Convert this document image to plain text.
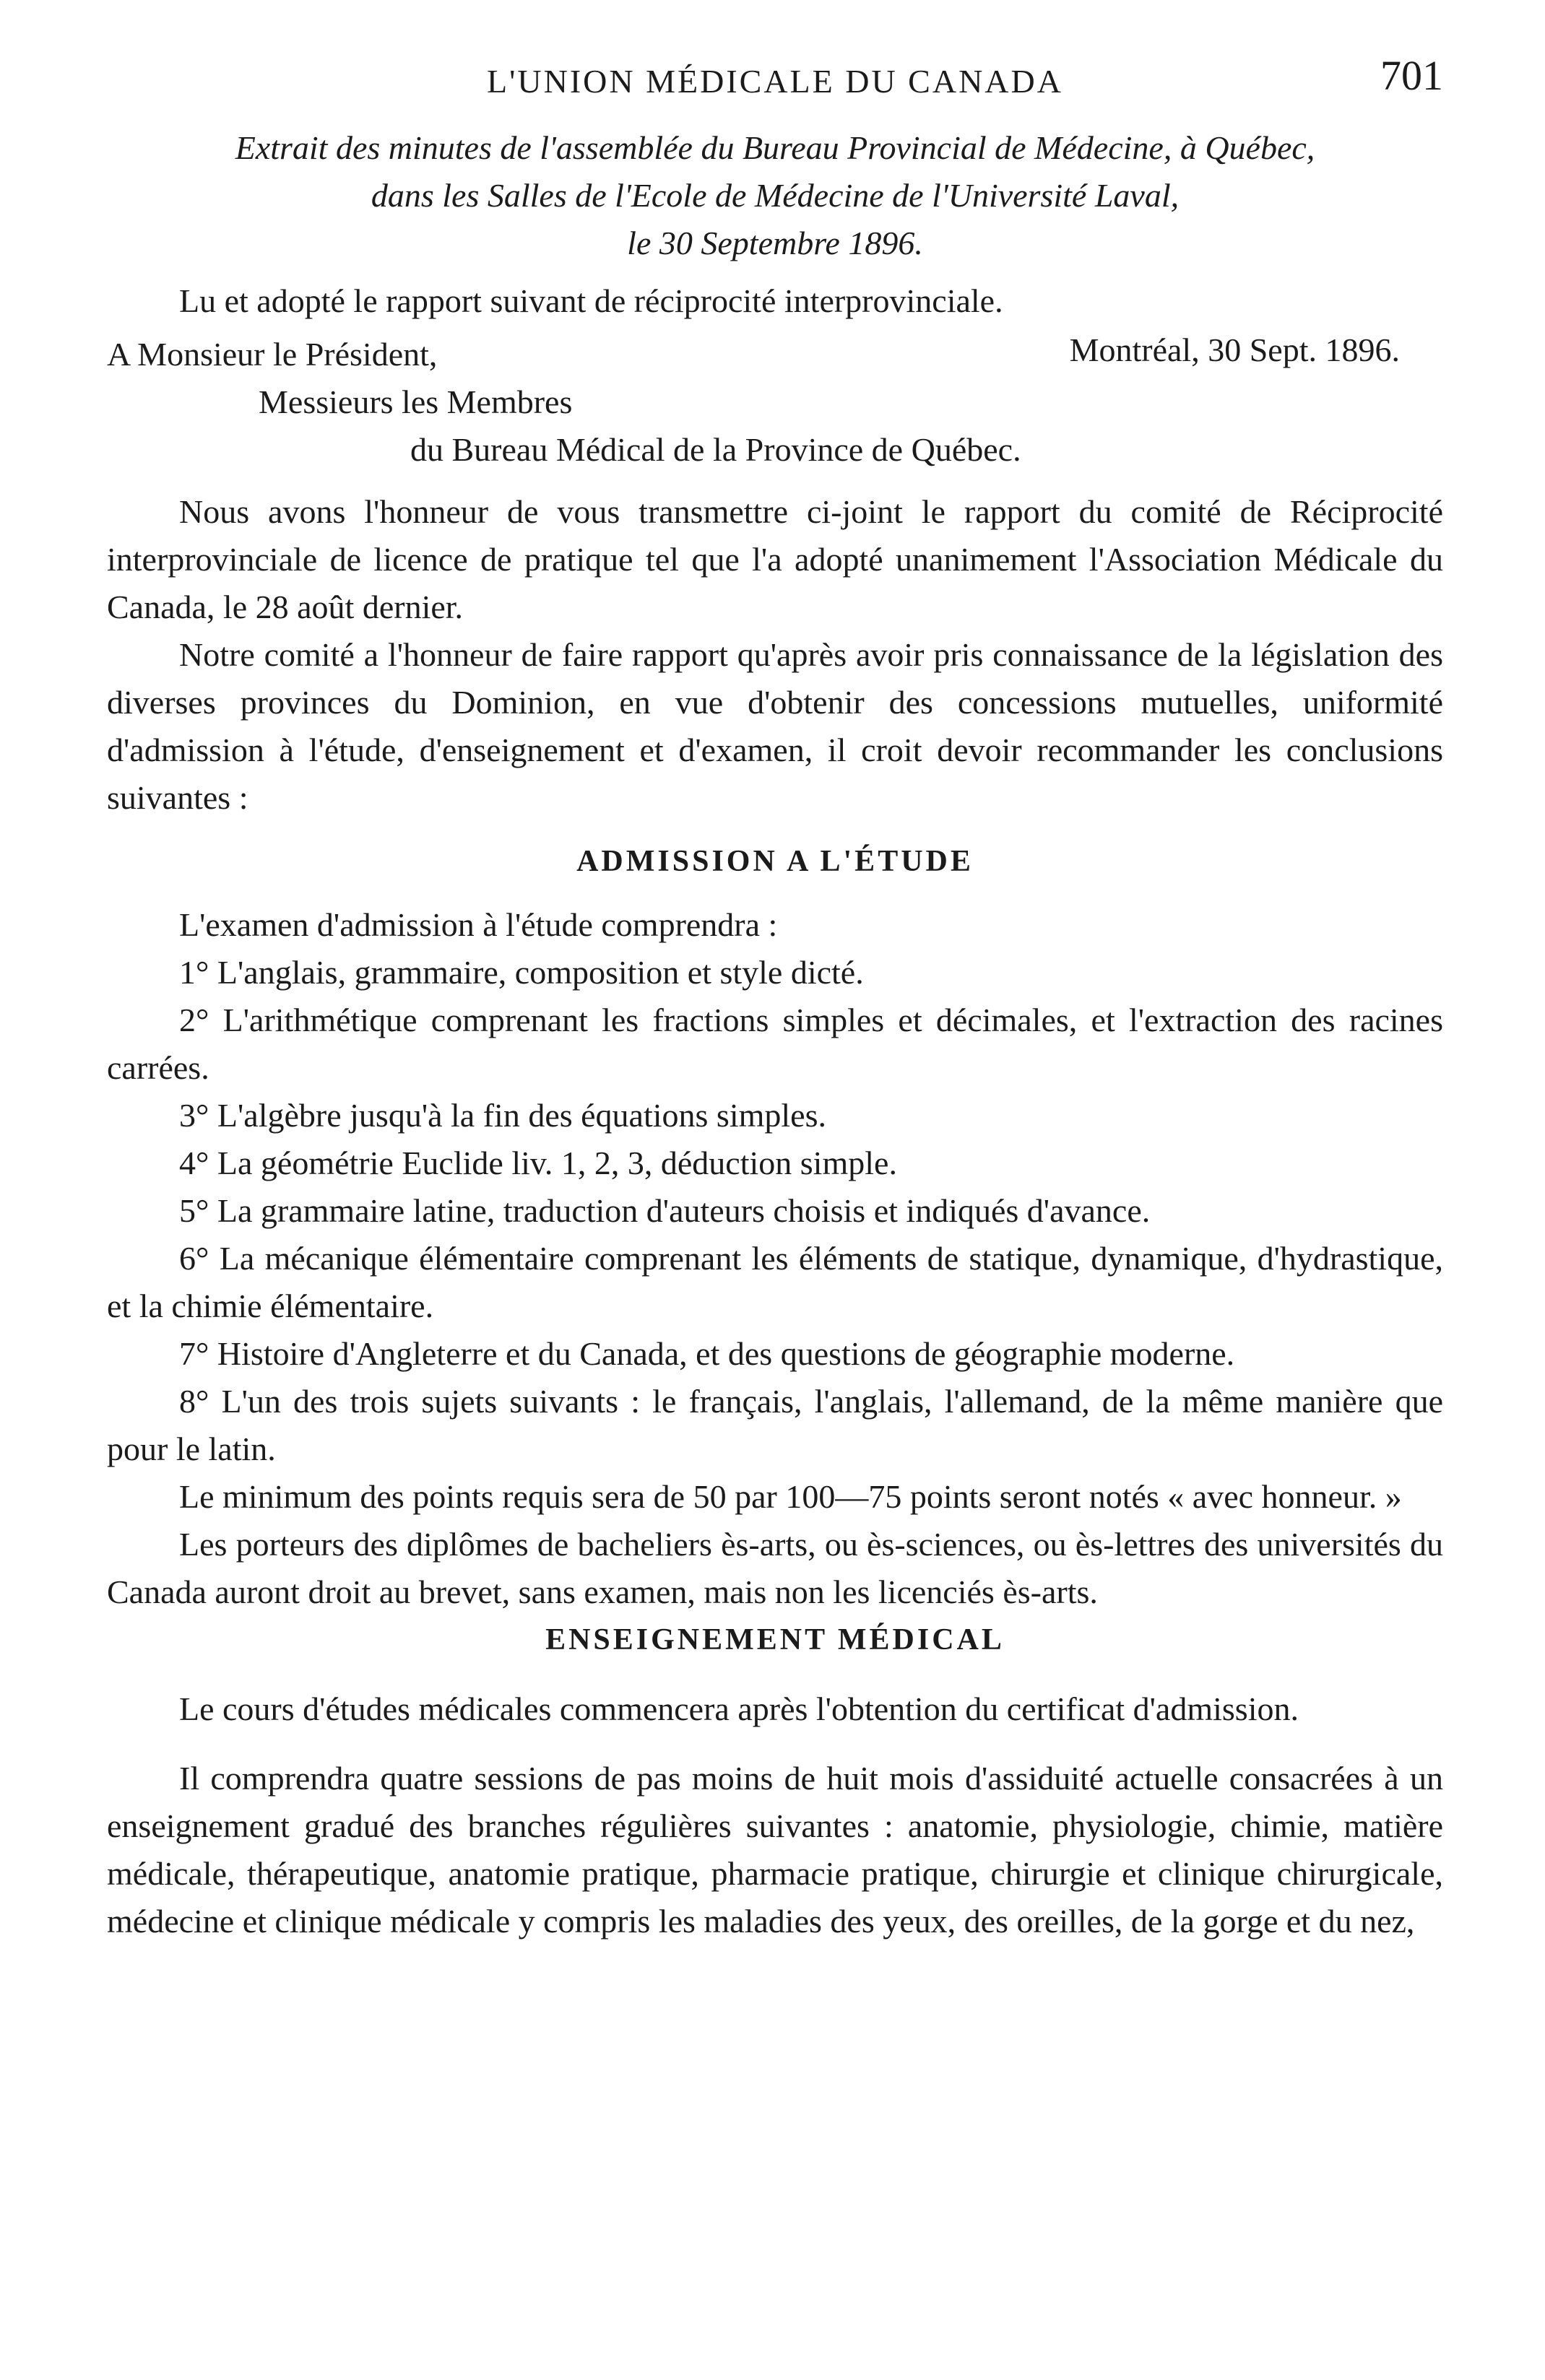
L'UNION MÉDICALE DU CANADA	701
Extrait des minutes de l'assemblée du Bureau Provincial de Médecine, à Québec,
dans les Salles de l'Ecole de Médecine de l'Université Laval,
le 30 Septembre 1896.

Lu et adopté le rapport suivant de réciprocité interprovinciale.

Montréal, 30 Sept. 1896.

A Monsieur le Président,

Messieurs les Membres

du Bureau Médical de la Province de Québec.

Nous avons l'honneur de vous transmettre ci-joint le rapport du comité de Réciprocité interprovinciale de licence de pratique tel que l'a adopté unanimement l'Association Médicale du Canada, le 28 août dernier.

Notre comité a l'honneur de faire rapport qu'après avoir pris connaissance de la législation des diverses provinces du Dominion, en vue d'obtenir des concessions mutuelles, uniformité d'admission à l'étude, d'enseignement et d'examen, il croit devoir recommander les conclusions suivantes :

ADMISSION A L'ÉTUDE

L'examen d'admission à l'étude comprendra :

1° L'anglais, grammaire, composition et style dicté.

2° L'arithmétique comprenant les fractions simples et décimales, et l'extraction des racines carrées.

3° L'algèbre jusqu'à la fin des équations simples.

4° La géométrie Euclide liv. 1, 2, 3, déduction simple.

5° La grammaire latine, traduction d'auteurs choisis et indiqués d'avance.

6° La mécanique élémentaire comprenant les éléments de statique, dynamique, d'hydrastique, et la chimie élémentaire.

7° Histoire d'Angleterre et du Canada, et des questions de géographie moderne.

8° L'un des trois sujets suivants : le français, l'anglais, l'allemand, de la même manière que pour le latin.

Le minimum des points requis sera de 50 par 100—75 points seront notés « avec honneur. »

Les porteurs des diplômes de bacheliers ès-arts, ou ès-sciences, ou ès-lettres des universités du Canada auront droit au brevet, sans examen, mais non les licenciés ès-arts.

ENSEIGNEMENT MÉDICAL

Le cours d'études médicales commencera après l'obtention du certificat d'admission.

Il comprendra quatre sessions de pas moins de huit mois d'assiduité actuelle consacrées à un enseignement gradué des branches régulières suivantes : anatomie, physiologie, chimie, matière médicale, thérapeutique, anatomie pratique, pharmacie pratique, chirurgie et clinique chirurgicale, médecine et clinique médicale y compris les maladies des yeux, des oreilles, de la gorge et du nez,
